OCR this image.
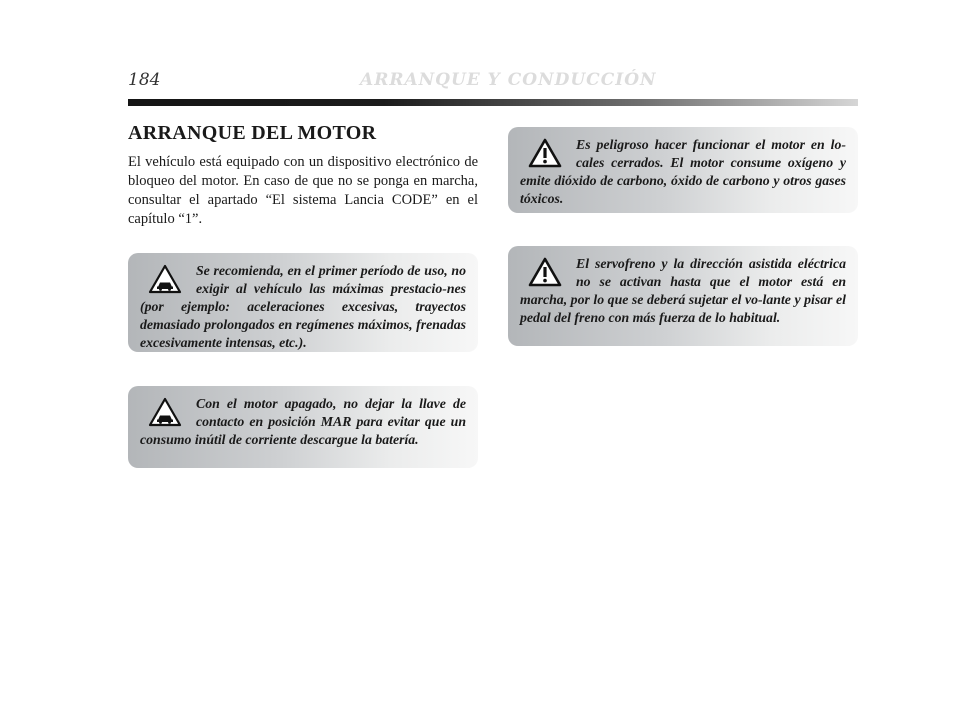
184	ARRANQUE Y CONDUCCIÓN
ARRANQUE DEL MOTOR

El vehículo está equipado con un dispositivo electrónico de bloqueo del motor. En caso de que no se ponga en marcha, consultar el apartado “El sistema Lancia CODE” en el capítulo “1”.

Se recomienda, en el primer período de uso, no exigir al vehículo las máximas prestacio-nes (por ejemplo: aceleraciones excesivas, trayectos demasiado prolongados en regímenes máximos, frenadas excesivamente intensas, etc.).

Con el motor apagado, no dejar la llave de contacto en posición MAR para evitar que un consumo inútil de corriente descargue la batería.

Es peligroso hacer funcionar el motor en lo-cales cerrados. El motor consume oxígeno y emite dióxido de carbono, óxido de carbono y otros gases tóxicos.

El servofreno y la dirección asistida eléctrica no se activan hasta que el motor está en marcha, por lo que se deberá sujetar el vo-lante y pisar el pedal del freno con más fuerza de lo habitual.
